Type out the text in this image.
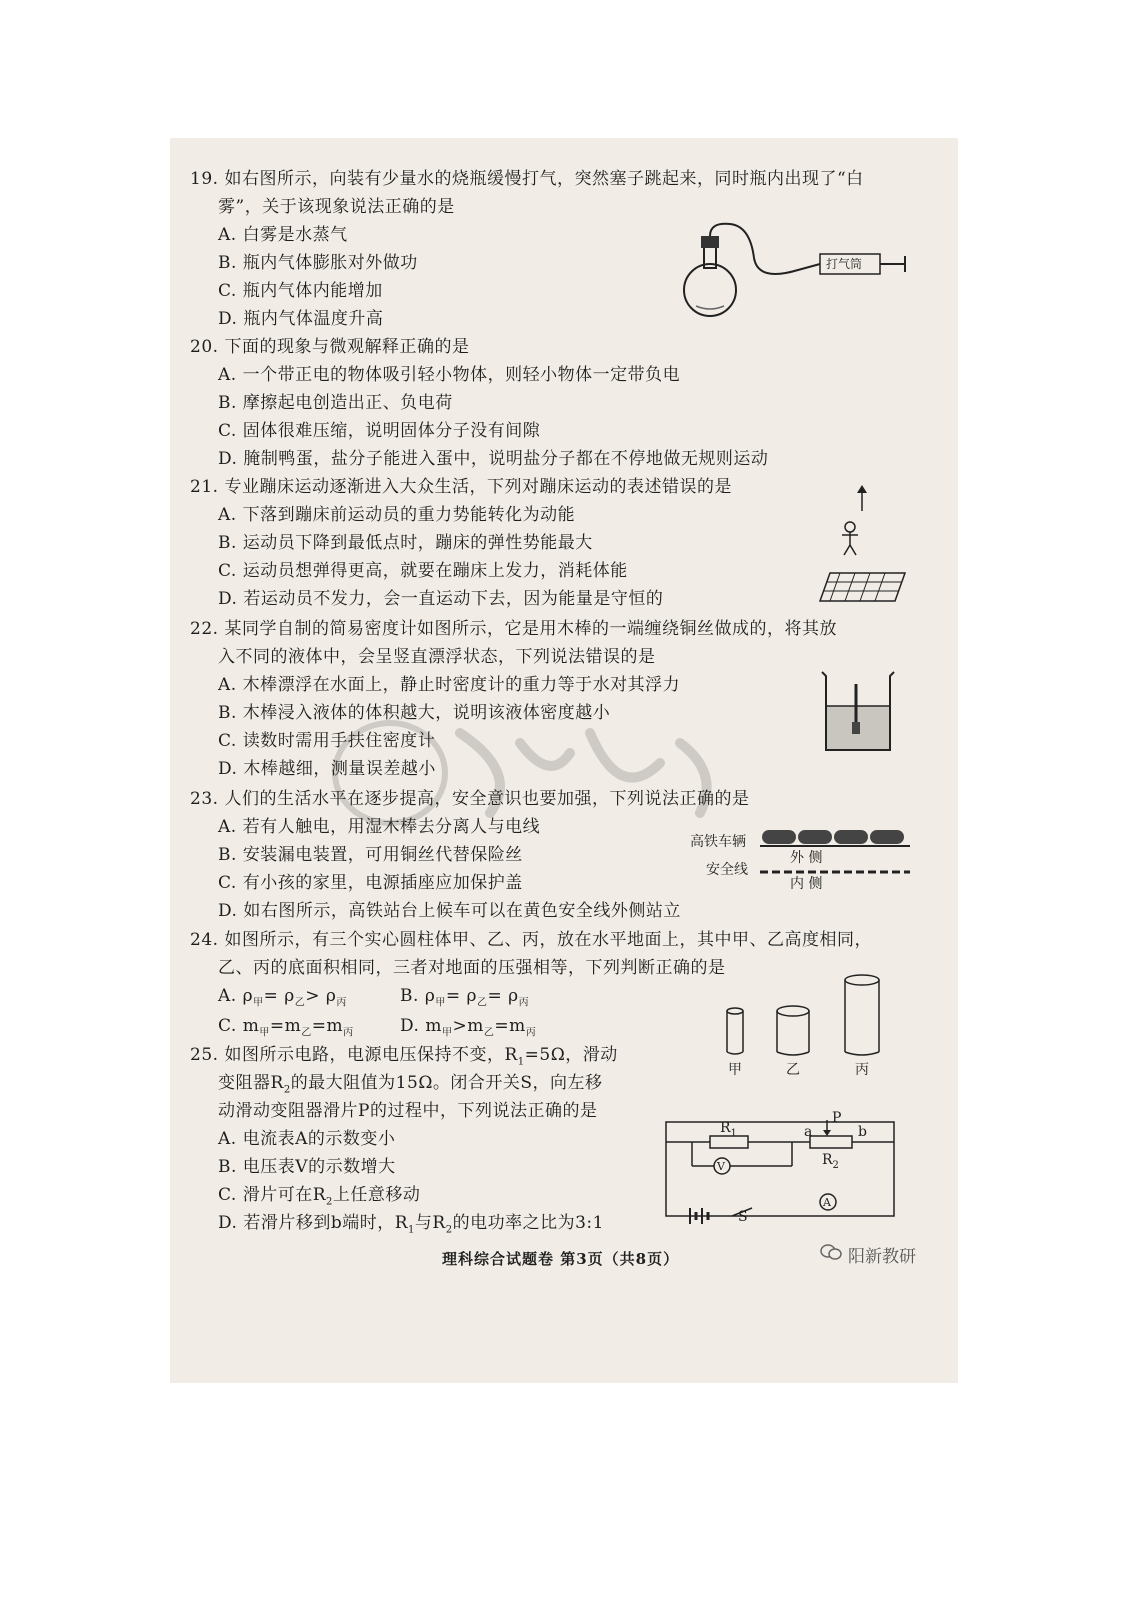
19. 如右图所示，向装有少量水的烧瓶缓慢打气，突然塞子跳起来，同时瓶内出现了“白
雾”，关于该现象说法正确的是
A. 白雾是水蒸气
B. 瓶内气体膨胀对外做功
C. 瓶内气体内能增加
D. 瓶内气体温度升高
20. 下面的现象与微观解释正确的是
A. 一个带正电的物体吸引轻小物体，则轻小物体一定带负电
B. 摩擦起电创造出正、负电荷
C. 固体很难压缩，说明固体分子没有间隙
D. 腌制鸭蛋，盐分子能进入蛋中，说明盐分子都在不停地做无规则运动
21. 专业蹦床运动逐渐进入大众生活，下列对蹦床运动的表述错误的是
A. 下落到蹦床前运动员的重力势能转化为动能
B. 运动员下降到最低点时，蹦床的弹性势能最大
C. 运动员想弹得更高，就要在蹦床上发力，消耗体能
D. 若运动员不发力，会一直运动下去，因为能量是守恒的
22. 某同学自制的简易密度计如图所示，它是用木棒的一端缠绕铜丝做成的，将其放
入不同的液体中，会呈竖直漂浮状态，下列说法错误的是
A. 木棒漂浮在水面上，静止时密度计的重力等于水对其浮力
B. 木棒浸入液体的体积越大，说明该液体密度越小
C. 读数时需用手扶住密度计
D. 木棒越细，测量误差越小
23. 人们的生活水平在逐步提高，安全意识也要加强，下列说法正确的是
A. 若有人触电，用湿木棒去分离人与电线
B. 安装漏电装置，可用铜丝代替保险丝
C. 有小孩的家里，电源插座应加保护盖
D. 如右图所示，高铁站台上候车可以在黄色安全线外侧站立
24. 如图所示，有三个实心圆柱体甲、乙、丙，放在水平地面上，其中甲、乙高度相同，
乙、丙的底面积相同，三者对地面的压强相等，下列判断正确的是
A. $\rho_甲= \rho_乙> \rho_丙$	B. $\rho_甲= \rho_乙= \rho_丙$
C. $m_甲=m_乙=m_丙$	D. $m_甲>m_乙=m_丙$
25. 如图所示电路，电源电压保持不变，$R_1=5\Omega$，滑动
变阻器$R_2$的最大阻值为15Ω。闭合开关S，向左移
动滑动变阻器滑片P的过程中，下列说法正确的是
A. 电流表A的示数变小
B. 电压表V的示数增大
C. 滑片可在$R_2$上任意移动
D. 若滑片移到b端时，$R_1$与$R_2$的电功率之比为3:1
打气筒
高铁车辆
安全线
外 侧
内 侧
甲	乙	丙
$R_1$
$R_2$
a	b
P
V
A
S
理科综合试题卷 第3页（共8页）	阳新教研
